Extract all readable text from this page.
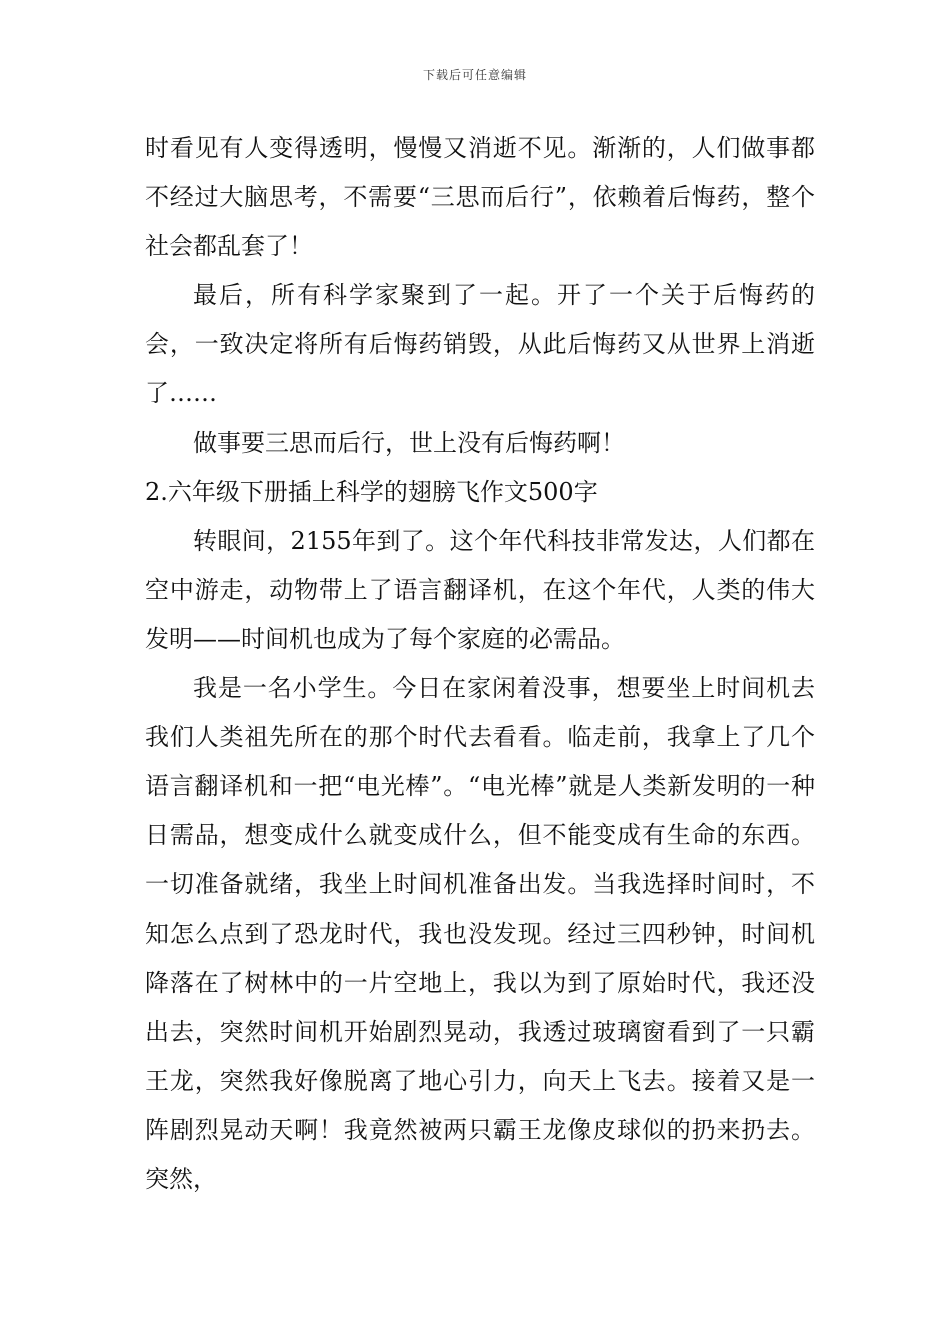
下载后可任意编辑

时看见有人变得透明，慢慢又消逝不见。渐渐的，人们做事都不经过大脑思考，不需要“三思而后行”，依赖着后悔药，整个社会都乱套了！

最后，所有科学家聚到了一起。开了一个关于后悔药的会，一致决定将所有后悔药销毁，从此后悔药又从世界上消逝了……

做事要三思而后行，世上没有后悔药啊！

2.六年级下册插上科学的翅膀飞作文500字

转眼间，2155年到了。这个年代科技非常发达，人们都在空中游走，动物带上了语言翻译机，在这个年代，人类的伟大发明——时间机也成为了每个家庭的必需品。

我是一名小学生。今日在家闲着没事，想要坐上时间机去我们人类祖先所在的那个时代去看看。临走前，我拿上了几个语言翻译机和一把“电光棒”。“电光棒”就是人类新发明的一种日需品，想变成什么就变成什么，但不能变成有生命的东西。一切准备就绪，我坐上时间机准备出发。当我选择时间时，不知怎么点到了恐龙时代，我也没发现。经过三四秒钟，时间机降落在了树林中的一片空地上，我以为到了原始时代，我还没出去，突然时间机开始剧烈晃动，我透过玻璃窗看到了一只霸王龙，突然我好像脱离了地心引力，向天上飞去。接着又是一阵剧烈晃动天啊！我竟然被两只霸王龙像皮球似的扔来扔去。突然，
